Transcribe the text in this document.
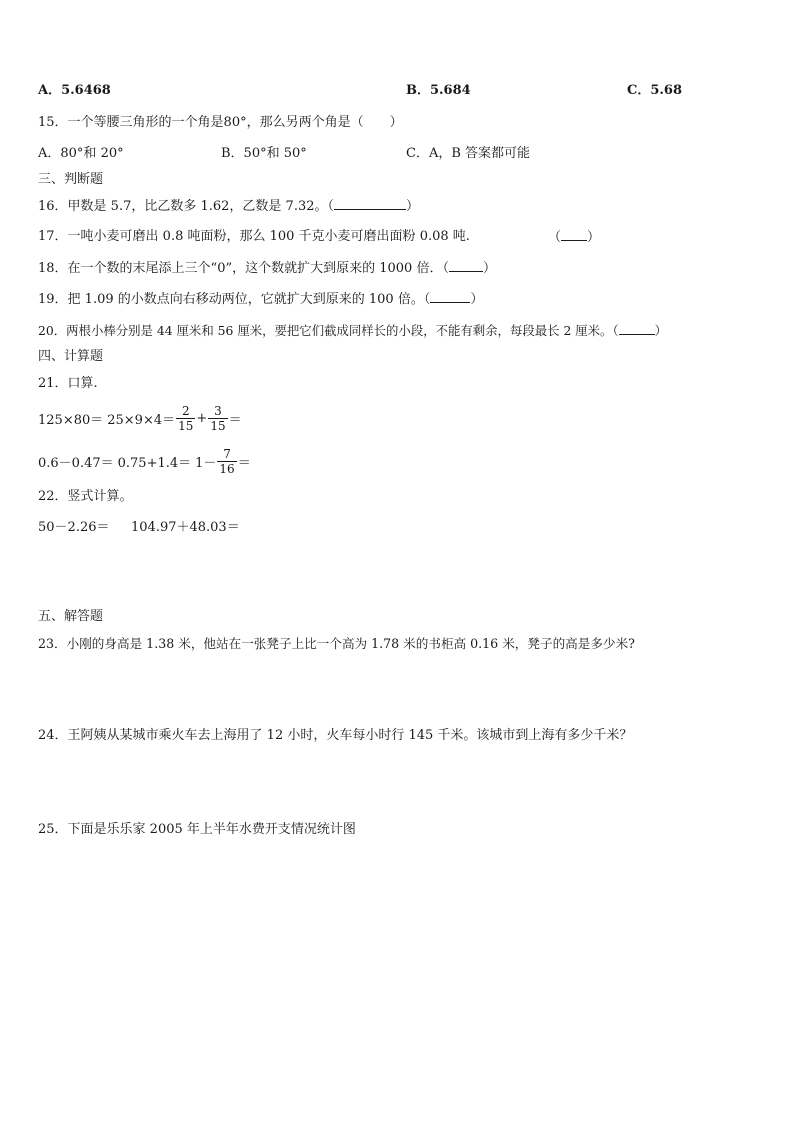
A．5.6468	B．5.684	C．5.68
15．一个等腰三角形的一个角是80°，那么另两个角是（　　）
A．80°和 20°	B．50°和 50°	C．A，B 答案都可能
三、判断题
16．甲数是 5.7，比乙数多 1.62，乙数是 7.32。（	）
17．一吨小麦可磨出 0.8 吨面粉，那么 100 千克小麦可磨出面粉 0.08 吨.	（ ）
18．在一个数的末尾添上三个“0”，这个数就扩大到原来的 1000 倍．（	）
19．把 1.09 的小数点向右移动两位，它就扩大到原来的 100 倍。（	）
20．两根小棒分别是 44 厘米和 56 厘米，要把它们截成同样长的小段，不能有剩余，每段最长 2 厘米。（	）
四、计算题
21．口算.
$125\times 80= 25\times 9\times 4= \frac{2}{15} + \frac{3}{15}$ ＝
$0.6-0.47= 0.75+1.4= 1- \frac{7}{16}$ ＝
22．竖式计算。
50－2.26＝ 104.97＋48.03＝
五、解答题
23．小刚的身高是 1.38 米，他站在一张凳子上比一个高为 1.78 米的书柜高 0.16 米，凳子的高是多少米?
24．王阿姨从某城市乘火车去上海用了 12 小时，火车每小时行 145 千米。该城市到上海有多少千米？
25．下面是乐乐家 2005 年上半年水费开支情况统计图
